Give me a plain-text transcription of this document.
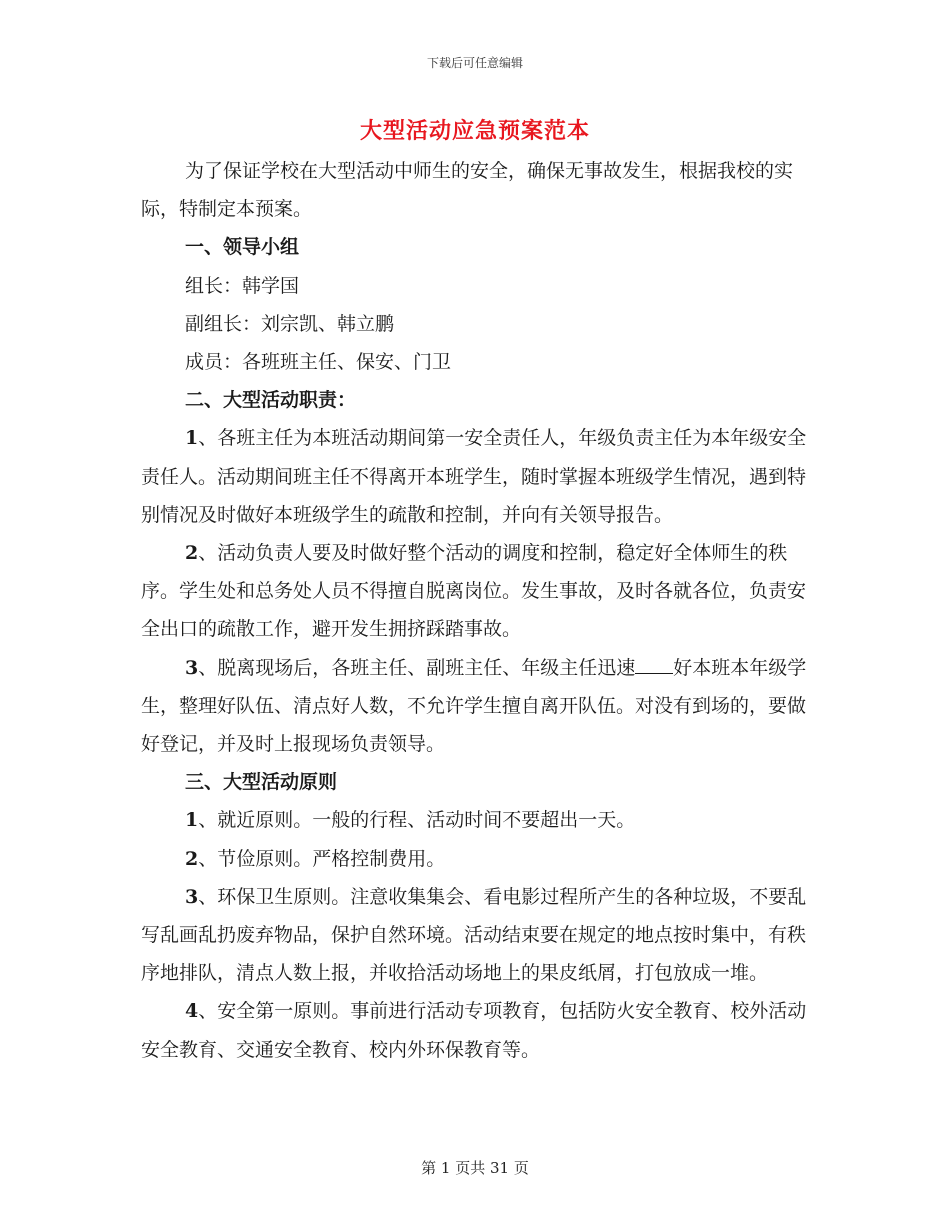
下载后可任意编辑
大型活动应急预案范本

为了保证学校在大型活动中师生的安全，确保无事故发生，根据我校的实际，特制定本预案。

一、领导小组

组长：韩学国

副组长：刘宗凯、韩立鹏

成员：各班班主任、保安、门卫

二、大型活动职责：

1、各班主任为本班活动期间第一安全责任人，年级负责主任为本年级安全责任人。活动期间班主任不得离开本班学生，随时掌握本班级学生情况，遇到特别情况及时做好本班级学生的疏散和控制，并向有关领导报告。

2、活动负责人要及时做好整个活动的调度和控制，稳定好全体师生的秩序。学生处和总务处人员不得擅自脱离岗位。发生事故，及时各就各位，负责安全出口的疏散工作，避开发生拥挤踩踏事故。

3、脱离现场后，各班主任、副班主任、年级主任迅速 好本班本年级学生，整理好队伍、清点好人数，不允许学生擅自离开队伍。对没有到场的，要做好登记，并及时上报现场负责领导。

三、大型活动原则

1、就近原则。一般的行程、活动时间不要超出一天。

2、节俭原则。严格控制费用。

3、环保卫生原则。注意收集集会、看电影过程所产生的各种垃圾，不要乱写乱画乱扔废弃物品，保护自然环境。活动结束要在规定的地点按时集中，有秩序地排队，清点人数上报，并收拾活动场地上的果皮纸屑，打包放成一堆。

4、安全第一原则。事前进行活动专项教育，包括防火安全教育、校外活动安全教育、交通安全教育、校内外环保教育等。

第 1 页共 31 页
